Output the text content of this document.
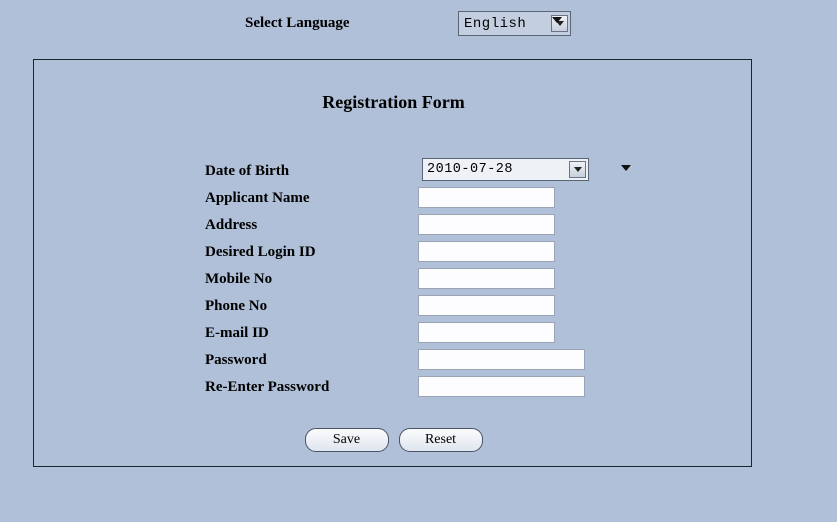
Select Language	English
Registration Form
Date of Birth	2010-07-28
Applicant Name
Address
Desired Login ID
Mobile No
Phone No
E-mail ID
Password
Re-Enter Password
Save	Reset
